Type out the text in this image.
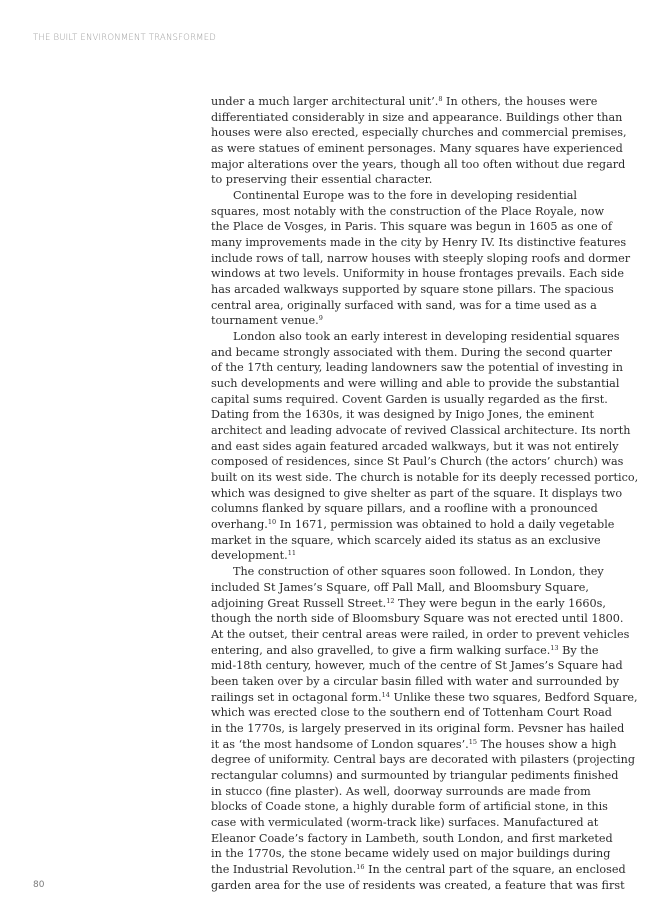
THE BUILT ENVIRONMENT TRANSFORMED
under a much larger architectural unit’.$^8$ In others, the houses were
differentiated considerably in size and appearance. Buildings other than
houses were also erected, especially churches and commercial premises,
as were statues of eminent personages. Many squares have experienced
major alterations over the years, though all too often without due regard
to preserving their essential character.
Continental Europe was to the fore in developing residential
squares, most notably with the construction of the Place Royale, now
the Place de Vosges, in Paris. This square was begun in 1605 as one of
many improvements made in the city by Henry IV. Its distinctive features
include rows of tall, narrow houses with steeply sloping roofs and dormer
windows at two levels. Uniformity in house frontages prevails. Each side
has arcaded walkways supported by square stone pillars. The spacious
central area, originally surfaced with sand, was for a time used as a
tournament venue.$^9$
London also took an early interest in developing residential squares
and became strongly associated with them. During the second quarter
of the 17th century, leading landowners saw the potential of investing in
such developments and were willing and able to provide the substantial
capital sums required. Covent Garden is usually regarded as the first.
Dating from the 1630s, it was designed by Inigo Jones, the eminent
architect and leading advocate of revived Classical architecture. Its north
and east sides again featured arcaded walkways, but it was not entirely
composed of residences, since St Paul’s Church (the actors’ church) was
built on its west side. The church is notable for its deeply recessed portico,
which was designed to give shelter as part of the square. It displays two
columns flanked by square pillars, and a roofline with a pronounced
overhang.$^{10}$ In 1671, permission was obtained to hold a daily vegetable
market in the square, which scarcely aided its status as an exclusive
development.$^{11}$
The construction of other squares soon followed. In London, they
included St James’s Square, off Pall Mall, and Bloomsbury Square,
adjoining Great Russell Street.$^{12}$ They were begun in the early 1660s,
though the north side of Bloomsbury Square was not erected until 1800.
At the outset, their central areas were railed, in order to prevent vehicles
entering, and also gravelled, to give a firm walking surface.$^{13}$ By the
mid-18th century, however, much of the centre of St James’s Square had
been taken over by a circular basin filled with water and surrounded by
railings set in octagonal form.$^{14}$ Unlike these two squares, Bedford Square,
which was erected close to the southern end of Tottenham Court Road
in the 1770s, is largely preserved in its original form. Pevsner has hailed
it as ‘the most handsome of London squares’.$^{15}$ The houses show a high
degree of uniformity. Central bays are decorated with pilasters (projecting
rectangular columns) and surmounted by triangular pediments finished
in stucco (fine plaster). As well, doorway surrounds are made from
blocks of Coade stone, a highly durable form of artificial stone, in this
case with vermiculated (worm-track like) surfaces. Manufactured at
Eleanor Coade’s factory in Lambeth, south London, and first marketed
in the 1770s, the stone became widely used on major buildings during
the Industrial Revolution.$^{16}$ In the central part of the square, an enclosed
garden area for the use of residents was created, a feature that was first
80
